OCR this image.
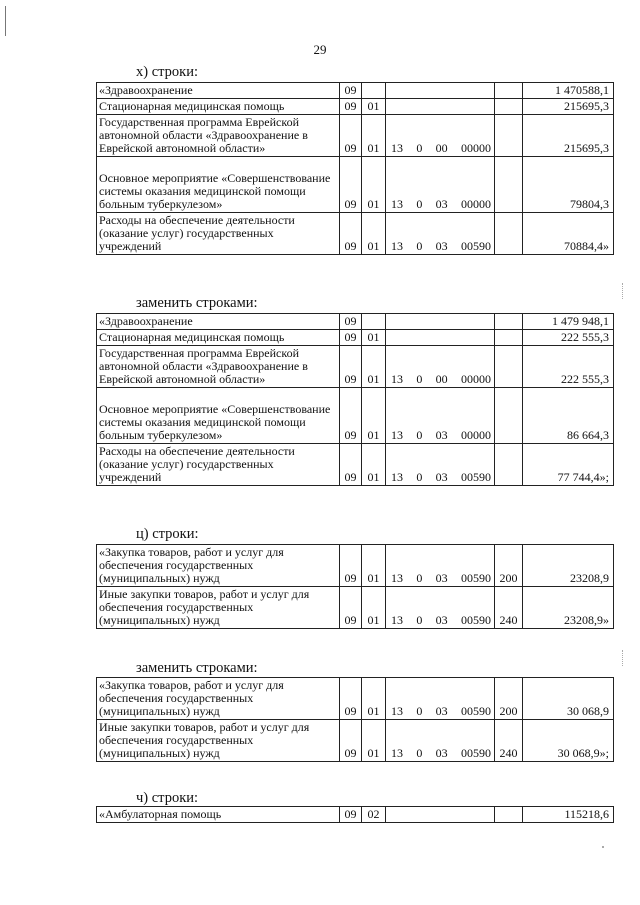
29
х) строки:
«Здравоохранение	09				1 470588,1
Стационарная медицинская помощь	09	01			215695,3
Государственная программа Еврейской автономной области «Здравоохранение в Еврейской автономной области»	09	01	13 0 00 00000		215695,3
Основное мероприятие «Совершенствование системы оказания медицинской помощи больным туберкулезом»	09	01	13 0 03 00000		79804,3
Расходы на обеспечение деятельности (оказание услуг) государственных учреждений	09	01	13 0 03 00590		70884,4»
заменить строками:
«Здравоохранение	09				1 479 948,1
Стационарная медицинская помощь	09	01			222 555,3
Государственная программа Еврейской автономной области «Здравоохранение в Еврейской автономной области»	09	01	13 0 00 00000		222 555,3
Основное мероприятие «Совершенствование системы оказания медицинской помощи больным туберкулезом»	09	01	13 0 03 00000		86 664,3
Расходы на обеспечение деятельности (оказание услуг) государственных учреждений	09	01	13 0 03 00590		77 744,4»;
ц) строки:
«Закупка товаров, работ и услуг для обеспечения государственных (муниципальных) нужд	09	01	13 0 03 00590	200	23208,9
Иные закупки товаров, работ и услуг для обеспечения государственных (муниципальных) нужд	09	01	13 0 03 00590	240	23208,9»
заменить строками:
«Закупка товаров, работ и услуг для обеспечения государственных (муниципальных) нужд	09	01	13 0 03 00590	200	30 068,9
Иные закупки товаров, работ и услуг для обеспечения государственных (муниципальных) нужд	09	01	13 0 03 00590	240	30 068,9»;
ч) строки:
«Амбулаторная помощь	09	02			115218,6
